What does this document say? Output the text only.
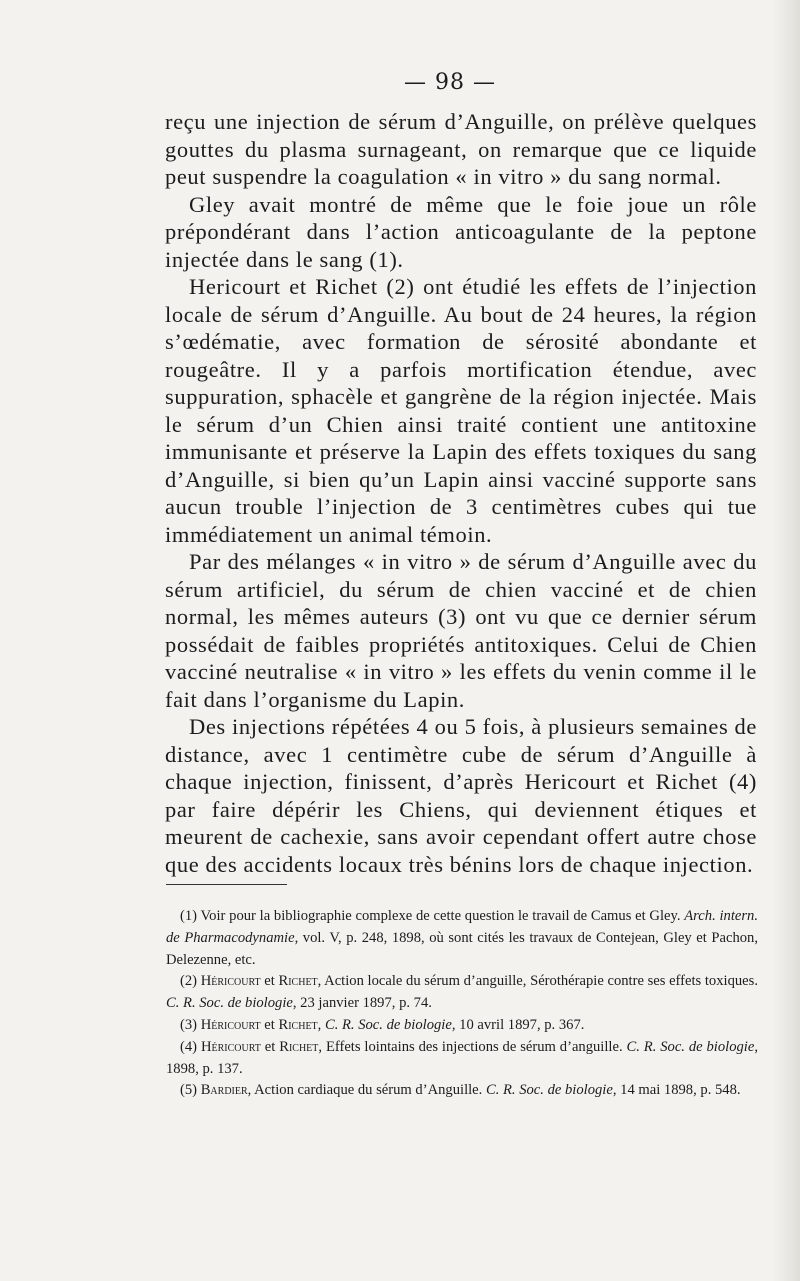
— 98 —

reçu une injection de sérum d’Anguille, on prélève quelques gouttes du plasma surnageant, on remarque que ce liquide peut suspendre la coagulation « in vitro » du sang normal.

Gley avait montré de même que le foie joue un rôle prépondérant dans l’action anticoagulante de la peptone injectée dans le sang (1).

Hericourt et Richet (2) ont étudié les effets de l’injection locale de sérum d’Anguille. Au bout de 24 heures, la région s’œdématie, avec formation de sérosité abondante et rougeâtre. Il y a parfois mortification étendue, avec suppuration, sphacèle et gangrène de la région injectée. Mais le sérum d’un Chien ainsi traité contient une antitoxine immunisante et préserve la Lapin des effets toxiques du sang d’Anguille, si bien qu’un Lapin ainsi vacciné supporte sans aucun trouble l’injection de 3 centimètres cubes qui tue immédiatement un animal témoin.

Par des mélanges « in vitro » de sérum d’Anguille avec du sérum artificiel, du sérum de chien vacciné et de chien normal, les mêmes auteurs (3) ont vu que ce dernier sérum possédait de faibles propriétés antitoxiques. Celui de Chien vacciné neutralise « in vitro » les effets du venin comme il le fait dans l’organisme du Lapin.

Des injections répétées 4 ou 5 fois, à plusieurs semaines de distance, avec 1 centimètre cube de sérum d’Anguille à chaque injection, finissent, d’après Hericourt et Richet (4) par faire dépérir les Chiens, qui deviennent étiques et meurent de cachexie, sans avoir cependant offert autre chose que des accidents locaux très bénins lors de chaque injection.

(1) Voir pour la bibliographie complexe de cette question le travail de Camus et Gley. Arch. intern. de Pharmacodynamie, vol. V, p. 248, 1898, où sont cités les travaux de Contejean, Gley et Pachon, Delezenne, etc.

(2) Héricourt et Richet, Action locale du sérum d’anguille, Sérothérapie contre ses effets toxiques. C. R. Soc. de biologie, 23 janvier 1897, p. 74.

(3) Héricourt et Richet, C. R. Soc. de biologie, 10 avril 1897, p. 367.

(4) Héricourt et Richet, Effets lointains des injections de sérum d’anguille. C. R. Soc. de biologie, 1898, p. 137.

(5) Bardier, Action cardiaque du sérum d’Anguille. C. R. Soc. de biologie, 14 mai 1898, p. 548.
